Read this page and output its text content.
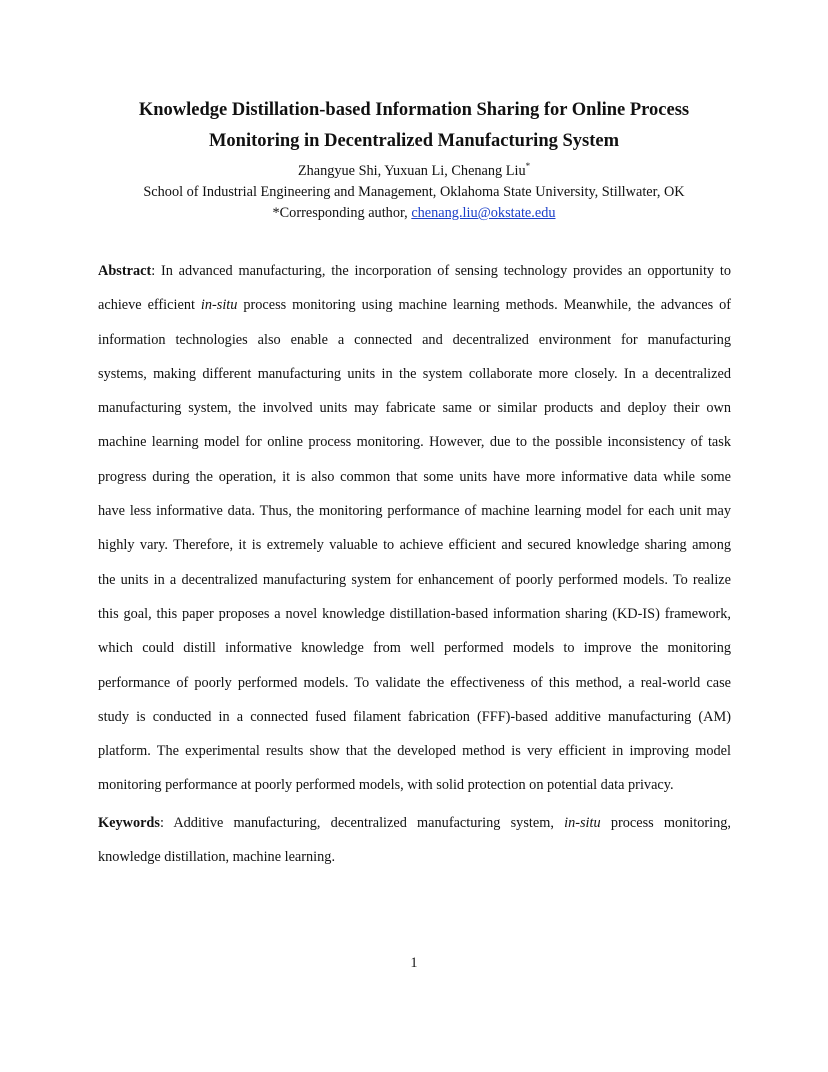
Knowledge Distillation-based Information Sharing for Online Process
Monitoring in Decentralized Manufacturing System
Zhangyue Shi, Yuxuan Li, Chenang Liu*
School of Industrial Engineering and Management, Oklahoma State University, Stillwater, OK
*Corresponding author, chenang.liu@okstate.edu
Abstract: In advanced manufacturing, the incorporation of sensing technology provides an opportunity to
achieve efficient in-situ process monitoring using machine learning methods. Meanwhile, the advances of
information technologies also enable a connected and decentralized environment for manufacturing
systems, making different manufacturing units in the system collaborate more closely. In a decentralized
manufacturing system, the involved units may fabricate same or similar products and deploy their own
machine learning model for online process monitoring. However, due to the possible inconsistency of task
progress during the operation, it is also common that some units have more informative data while some
have less informative data. Thus, the monitoring performance of machine learning model for each unit may
highly vary. Therefore, it is extremely valuable to achieve efficient and secured knowledge sharing among
the units in a decentralized manufacturing system for enhancement of poorly performed models. To realize
this goal, this paper proposes a novel knowledge distillation-based information sharing (KD-IS) framework,
which could distill informative knowledge from well performed models to improve the monitoring
performance of poorly performed models. To validate the effectiveness of this method, a real-world case
study is conducted in a connected fused filament fabrication (FFF)-based additive manufacturing (AM)
platform. The experimental results show that the developed method is very efficient in improving model
monitoring performance at poorly performed models, with solid protection on potential data privacy.
Keywords: Additive manufacturing, decentralized manufacturing system, in-situ process monitoring,
knowledge distillation, machine learning.
1
